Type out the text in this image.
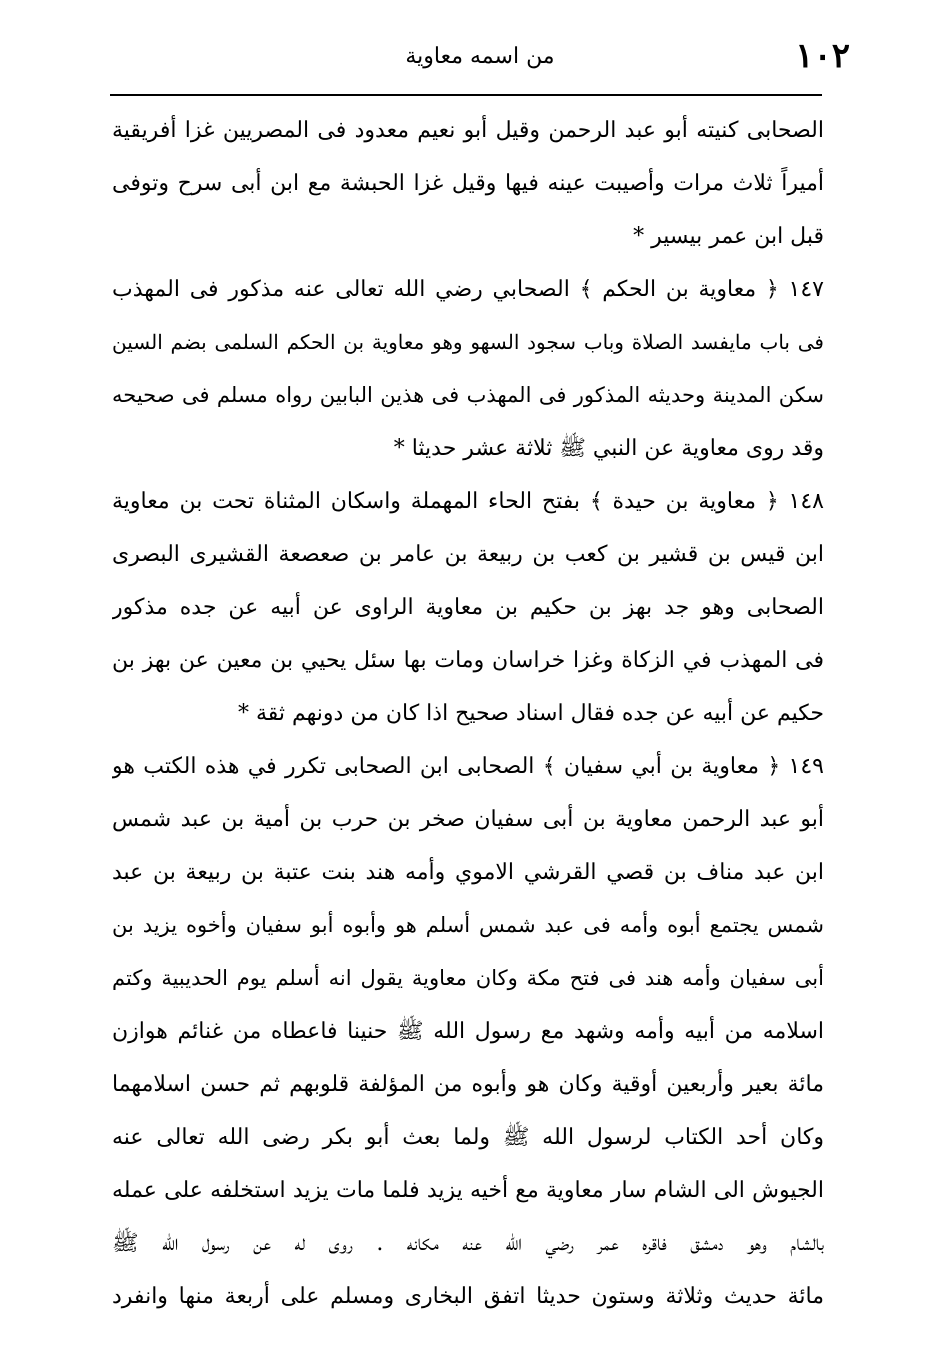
من اسمه معاوية	١٠٢
الصحابى كنيته أبو عبد الرحمن وقيل أبو نعيم معدود فى المصريين غزا أفريقية
أميراً ثلاث مرات وأصيبت عينه فيها وقيل غزا الحبشة مع ابن أبى سرح وتوفى
قبل ابن عمر بيسير *
١٤٧ ﴿ معاوية بن الحكم ﴾ الصحابي رضي الله تعالى عنه مذكور فى المهذب
فى باب مايفسد الصلاة وباب سجود السهو وهو معاوية بن الحكم السلمى بضم السين
سكن المدينة وحديثه المذكور فى المهذب فى هذين البابين رواه مسلم فى صحيحه
وقد روى معاوية عن النبي ﷺ ثلاثة عشر حديثا *
١٤٨ ﴿ معاوية بن حيدة ﴾ بفتح الحاء المهملة واسكان المثناة تحت بن معاوية
ابن قيس بن قشير بن كعب بن ربيعة بن عامر بن صعصعة القشيرى البصرى
الصحابى وهو جد بهز بن حكيم بن معاوية الراوى عن أبيه عن جده مذكور
فى المهذب في الزكاة وغزا خراسان ومات بها سئل يحيي بن معين عن بهز بن
حكيم عن أبيه عن جده فقال اسناد صحيح اذا كان من دونهم ثقة *
١٤٩ ﴿ معاوية بن أبي سفيان ﴾ الصحابى ابن الصحابى تكرر في هذه الكتب هو
أبو عبد الرحمن معاوية بن أبى سفيان صخر بن حرب بن أمية بن عبد شمس
ابن عبد مناف بن قصي القرشي الاموي وأمه هند بنت عتبة بن ربيعة بن عبد
شمس يجتمع أبوه وأمه فى عبد شمس أسلم هو وأبوه أبو سفيان وأخوه يزيد بن
أبى سفيان وأمه هند فى فتح مكة وكان معاوية يقول انه أسلم يوم الحديبية وكتم
اسلامه من أبيه وأمه وشهد مع رسول الله ﷺ حنينا فاعطاه من غنائم هوازن
مائة بعير وأربعين أوقية وكان هو وأبوه من المؤلفة قلوبهم ثم حسن اسلامهما
وكان أحد الكتاب لرسول الله ﷺ ولما بعث أبو بكر رضى الله تعالى عنه
الجيوش الى الشام سار معاوية مع أخيه يزيد فلما مات يزيد استخلفه على عمله
بالشام وهو دمشق فاقره عمر رضي الله عنه مكانه . روى له عن رسول الله ﷺ
مائة حديث وثلاثة وستون حديثا اتفق البخارى ومسلم على أربعة منها وانفرد
